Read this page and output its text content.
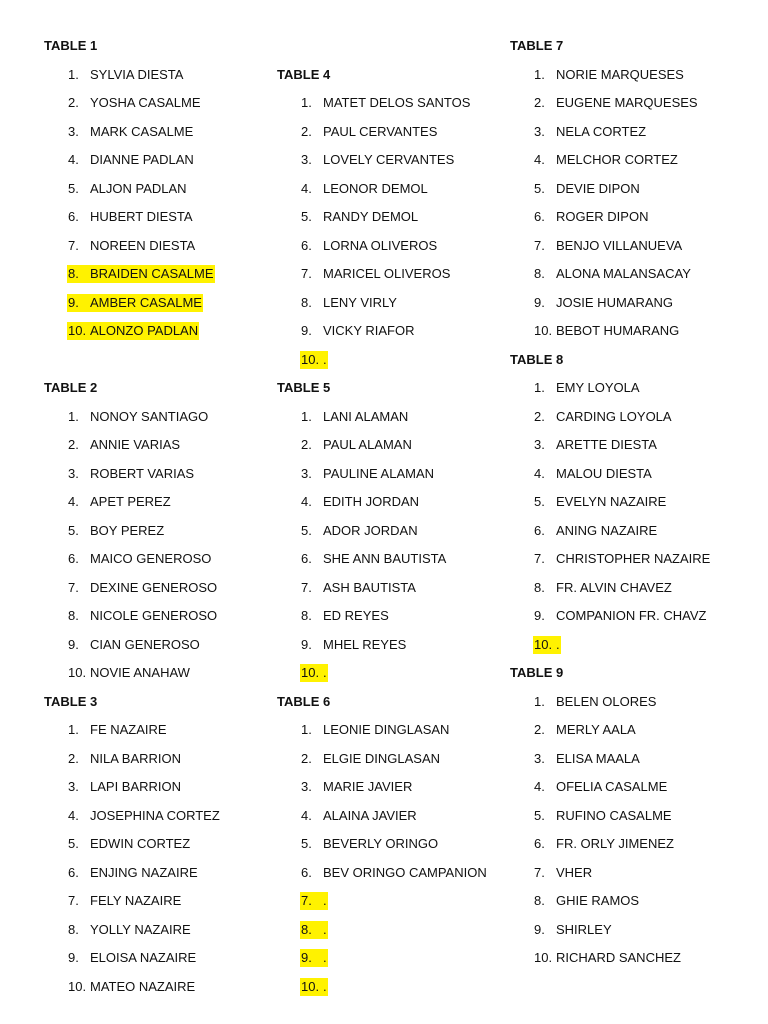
TABLE 1
1. SYLVIA DIESTA
2. YOSHA CASALME
3. MARK CASALME
4. DIANNE PADLAN
5. ALJON PADLAN
6. HUBERT DIESTA
7. NOREEN DIESTA
8. BRAIDEN CASALME
9. AMBER CASALME
10. ALONZO PADLAN
TABLE 2
1. NONOY SANTIAGO
2. ANNIE VARIAS
3. ROBERT VARIAS
4. APET PEREZ
5. BOY PEREZ
6. MAICO GENEROSO
7. DEXINE GENEROSO
8. NICOLE GENEROSO
9. CIAN GENEROSO
10. NOVIE ANAHAW
TABLE 3
1. FE NAZAIRE
2. NILA BARRION
3. LAPI BARRION
4. JOSEPHINA CORTEZ
5. EDWIN CORTEZ
6. ENJING NAZAIRE
7. FELY NAZAIRE
8. YOLLY NAZAIRE
9. ELOISA NAZAIRE
10. MATEO NAZAIRE
TABLE 4
1. MATET DELOS SANTOS
2. PAUL CERVANTES
3. LOVELY CERVANTES
4. LEONOR DEMOL
5. RANDY DEMOL
6. LORNA OLIVEROS
7. MARICEL OLIVEROS
8. LENY VIRLY
9. VICKY RIAFOR
10. .
TABLE 5
1. LANI ALAMAN
2. PAUL ALAMAN
3. PAULINE ALAMAN
4. EDITH JORDAN
5. ADOR JORDAN
6. SHE ANN BAUTISTA
7. ASH BAUTISTA
8. ED REYES
9. MHEL REYES
10. .
TABLE 6
1. LEONIE DINGLASAN
2. ELGIE DINGLASAN
3. MARIE JAVIER
4. ALAINA JAVIER
5. BEVERLY ORINGO
6. BEV ORINGO CAMPANION
7. .
8. .
9. .
10. .
TABLE 7
1. NORIE MARQUESES
2. EUGENE MARQUESES
3. NELA CORTEZ
4. MELCHOR CORTEZ
5. DEVIE DIPON
6. ROGER DIPON
7. BENJO VILLANUEVA
8. ALONA MALANSACAY
9. JOSIE HUMARANG
10. BEBOT HUMARANG
TABLE 8
1. EMY LOYOLA
2. CARDING LOYOLA
3. ARETTE DIESTA
4. MALOU DIESTA
5. EVELYN NAZAIRE
6. ANING NAZAIRE
7. CHRISTOPHER NAZAIRE
8. FR. ALVIN CHAVEZ
9. COMPANION FR. CHAVZ
10. .
TABLE 9
1. BELEN OLORES
2. MERLY AALA
3. ELISA MAALA
4. OFELIA CASALME
5. RUFINO CASALME
6. FR. ORLY JIMENEZ
7. VHER
8. GHIE RAMOS
9. SHIRLEY
10. RICHARD SANCHEZ
